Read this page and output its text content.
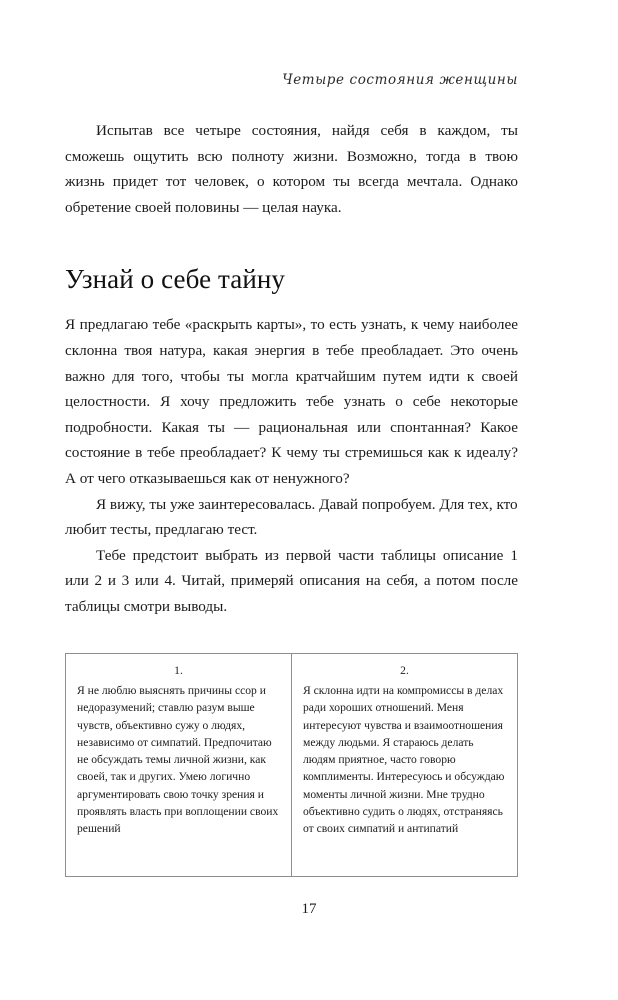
Четыре состояния женщины

Испытав все четыре состояния, найдя себя в каждом, ты сможешь ощутить всю полноту жизни. Возможно, тогда в твою жизнь придет тот человек, о котором ты всегда мечтала. Однако обретение своей половины — целая наука.

Узнай о себе тайну

Я предлагаю тебе «раскрыть карты», то есть узнать, к чему наиболее склонна твоя натура, какая энергия в тебе преобладает. Это очень важно для того, чтобы ты могла кратчайшим путем идти к своей целостности. Я хочу предложить тебе узнать о себе некоторые подробности. Какая ты — рациональная или спонтанная? Какое состояние в тебе преобладает? К чему ты стремишься как к идеалу? А от чего отказываешься как от ненужного?

Я вижу, ты уже заинтересовалась. Давай попробуем. Для тех, кто любит тесты, предлагаю тест.

Тебе предстоит выбрать из первой части таблицы описание 1 или 2 и 3 или 4. Читай, примеряй описания на себя, а потом после таблицы смотри выводы.

1.
Я не люблю выяснять причины ссор и недоразумений; ставлю разум выше чувств, объективно сужу о людях, независимо от симпатий. Предпочитаю не обсуждать темы личной жизни, как своей, так и других. Умею логично аргументировать свою точку зрения и проявлять власть при воплощении своих решений
2.
Я склонна идти на компромиссы в делах ради хороших отношений. Меня интересуют чувства и взаимоотношения между людьми. Я стараюсь делать людям приятное, часто говорю комплименты. Интересуюсь и обсуждаю моменты личной жизни. Мне трудно объективно судить о людях, отстраняясь от своих симпатий и антипатий
17
